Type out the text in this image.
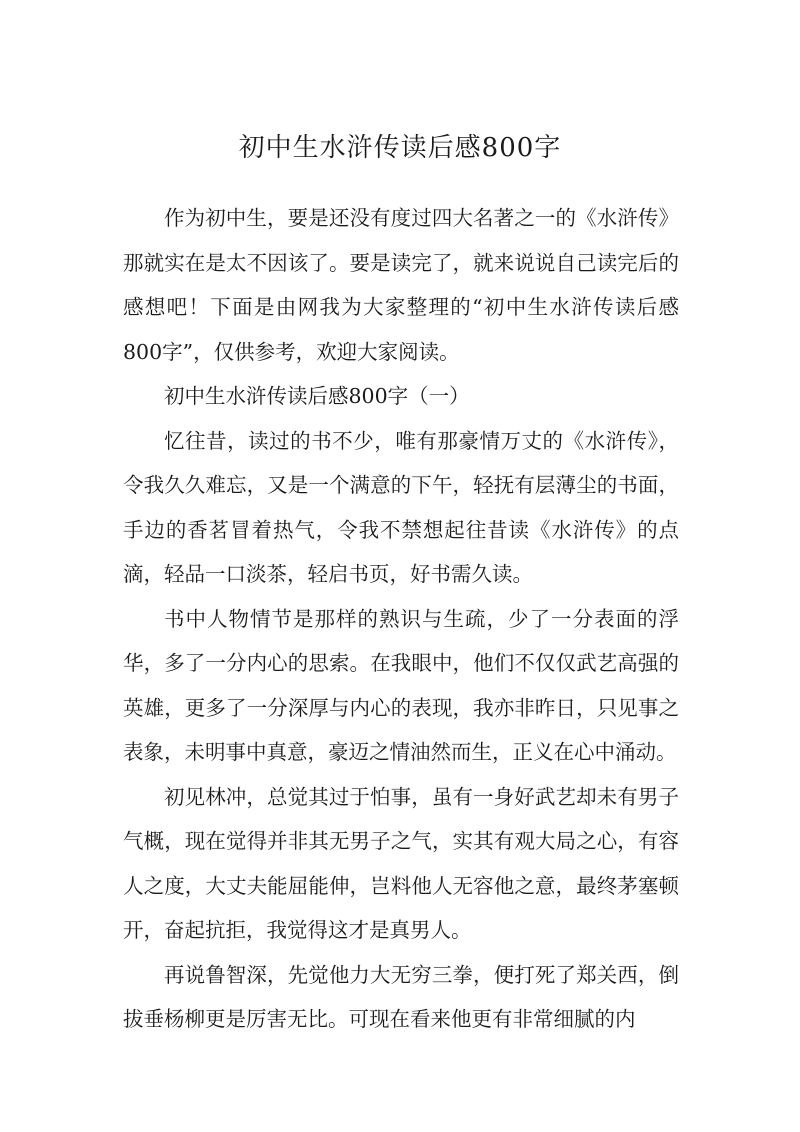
初中生水浒传读后感800字

作为初中生，要是还没有度过四大名著之一的《水浒传》那就实在是太不因该了。要是读完了，就来说说自己读完后的感想吧！下面是由网我为大家整理的“初中生水浒传读后感800字”，仅供参考，欢迎大家阅读。

初中生水浒传读后感800字（一）

忆往昔，读过的书不少，唯有那豪情万丈的《水浒传》，令我久久难忘，又是一个满意的下午，轻抚有层薄尘的书面，手边的香茗冒着热气，令我不禁想起往昔读《水浒传》的点滴，轻品一口淡茶，轻启书页，好书需久读。

书中人物情节是那样的熟识与生疏，少了一分表面的浮华，多了一分内心的思索。在我眼中，他们不仅仅武艺高强的英雄，更多了一分深厚与内心的表现，我亦非昨日，只见事之表象，未明事中真意，豪迈之情油然而生，正义在心中涌动。

初见林冲，总觉其过于怕事，虽有一身好武艺却未有男子气概，现在觉得并非其无男子之气，实其有观大局之心，有容人之度，大丈夫能屈能伸，岂料他人无容他之意，最终茅塞顿开，奋起抗拒，我觉得这才是真男人。

再说鲁智深，先觉他力大无穷三拳，便打死了郑关西，倒拔垂杨柳更是厉害无比。可现在看来他更有非常细腻的内
